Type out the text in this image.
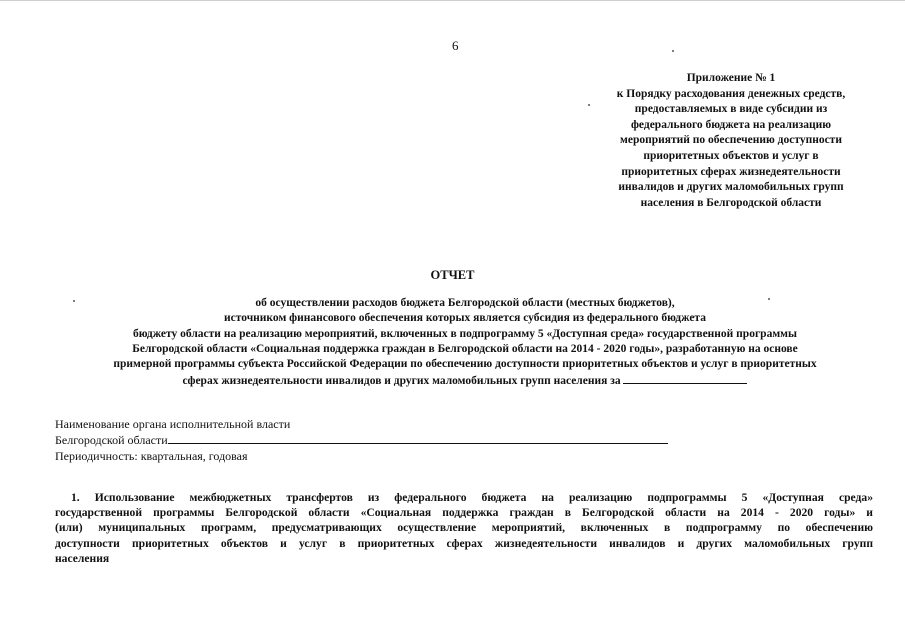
6
Приложение № 1
к Порядку расходования денежных средств,
предоставляемых в виде субсидии из
федерального бюджета на реализацию
мероприятий по обеспечению доступности
приоритетных объектов и услуг в
приоритетных сферах жизнедеятельности
инвалидов и других маломобильных групп
населения в Белгородской области
ОТЧЕТ
об осуществлении расходов бюджета Белгородской области (местных бюджетов),
источником финансового обеспечения которых является субсидия из федерального бюджета
бюджету области на реализацию мероприятий, включенных в подпрограмму 5 «Доступная среда» государственной программы
Белгородской области «Социальная поддержка граждан в Белгородской области на 2014 - 2020 годы», разработанную на основе
примерной программы субъекта Российской Федерации по обеспечению доступности приоритетных объектов и услуг в приоритетных
сферах жизнедеятельности инвалидов и других маломобильных групп населения за
Наименование органа исполнительной власти
Белгородской области
Периодичность: квартальная, годовая
1. Использование межбюджетных трансфертов из федерального бюджета на реализацию подпрограммы 5 «Доступная среда»
государственной программы Белгородской области «Социальная поддержка граждан в Белгородской области на 2014 - 2020 годы» и
(или) муниципальных программ, предусматривающих осуществление мероприятий, включенных в подпрограмму по обеспечению
доступности приоритетных объектов и услуг в приоритетных сферах жизнедеятельности инвалидов и других маломобильных групп
населения
